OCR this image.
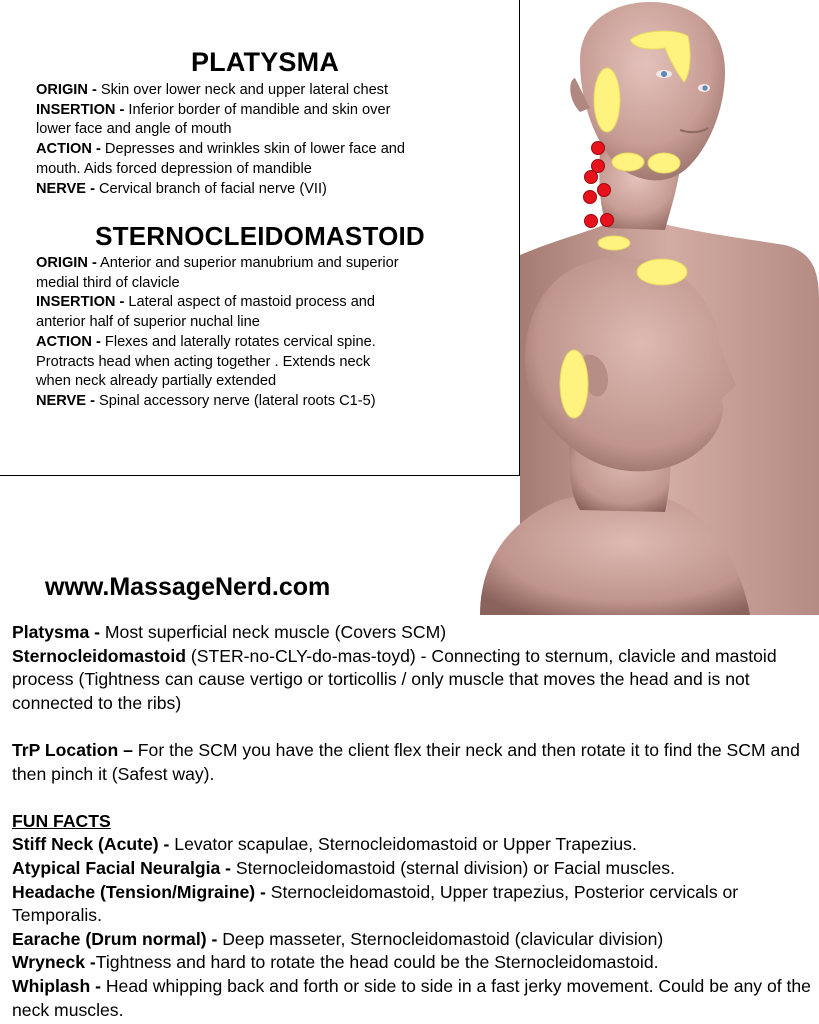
PLATYSMA
ORIGIN - Skin over lower neck and upper lateral chest
INSERTION - Inferior border of mandible and skin over
lower face and angle of mouth
ACTION - Depresses and wrinkles skin of lower face and
mouth. Aids forced depression of mandible
NERVE - Cervical branch of facial nerve (VII)
STERNOCLEIDOMASTOID
ORIGIN - Anterior and superior manubrium and superior
medial third of clavicle
INSERTION - Lateral aspect of mastoid process and
anterior half of superior nuchal line
ACTION - Flexes and laterally rotates cervical spine.
Protracts head when acting together . Extends neck
when neck already partially extended
NERVE - Spinal accessory nerve (lateral roots C1-5)
www.MassageNerd.com

Platysma - Most superficial neck muscle (Covers SCM)

Sternocleidomastoid (STER-no-CLY-do-mas-toyd) - Connecting to sternum, clavicle and mastoid process (Tightness can cause vertigo or torticollis / only muscle that moves the head and is not connected to the ribs)

TrP Location – For the SCM you have the client flex their neck and then rotate it to find the SCM and then pinch it (Safest way).

FUN FACTS

Stiff Neck (Acute) - Levator scapulae, Sternocleidomastoid or Upper Trapezius.

Atypical Facial Neuralgia - Sternocleidomastoid (sternal division) or Facial muscles.

Headache (Tension/Migraine) - Sternocleidomastoid, Upper trapezius, Posterior cervicals or Temporalis.

Earache (Drum normal) - Deep masseter, Sternocleidomastoid (clavicular division)

Wryneck -Tightness and hard to rotate the head could be the Sternocleidomastoid.

Whiplash - Head whipping back and forth or side to side in a fast jerky movement. Could be any of the neck muscles.
